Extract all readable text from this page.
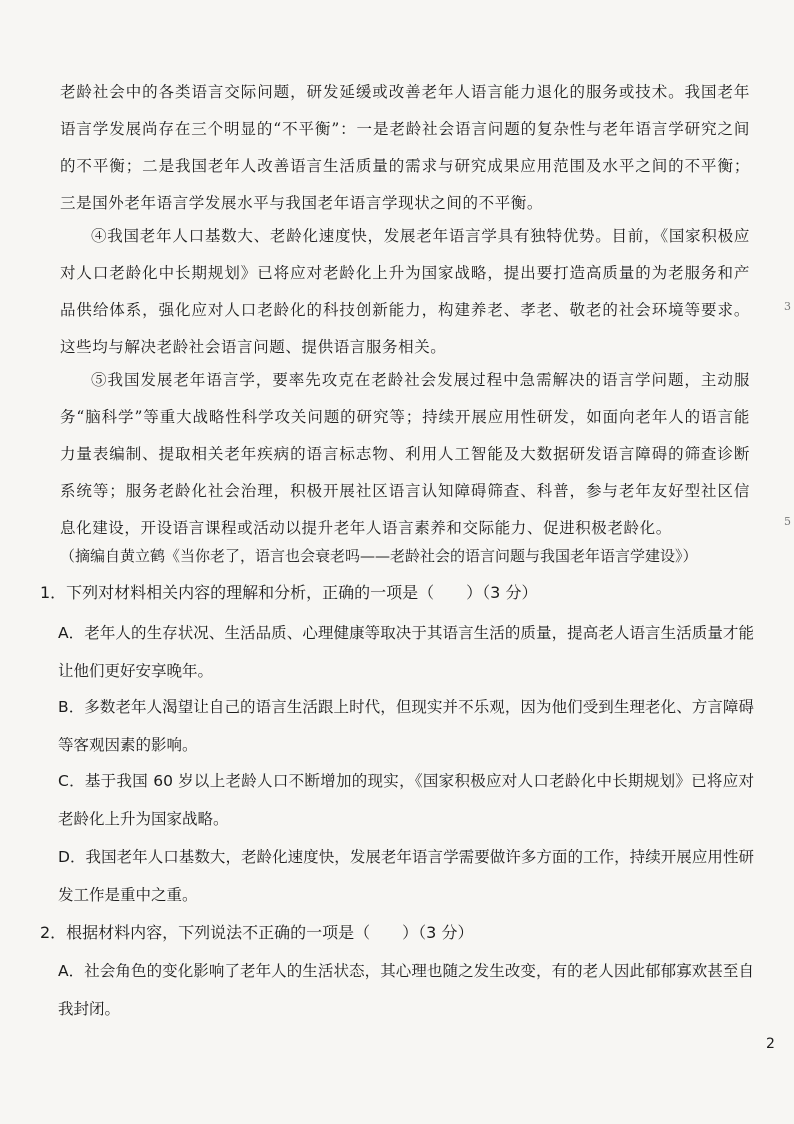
老龄社会中的各类语言交际问题，研发延缓或改善老年人语言能力退化的服务或技术。我国老年语言学发展尚存在三个明显的“不平衡”：一是老龄社会语言问题的复杂性与老年语言学研究之间的不平衡；二是我国老年人改善语言生活质量的需求与研究成果应用范围及水平之间的不平衡；三是国外老年语言学发展水平与我国老年语言学现状之间的不平衡。
④我国老年人口基数大、老龄化速度快，发展老年语言学具有独特优势。目前，《国家积极应对人口老龄化中长期规划》已将应对老龄化上升为国家战略，提出要打造高质量的为老服务和产品供给体系，强化应对人口老龄化的科技创新能力，构建养老、孝老、敬老的社会环境等要求。这些均与解决老龄社会语言问题、提供语言服务相关。
⑤我国发展老年语言学，要率先攻克在老龄社会发展过程中急需解决的语言学问题，主动服务“脑科学”等重大战略性科学攻关问题的研究等；持续开展应用性研发，如面向老年人的语言能力量表编制、提取相关老年疾病的语言标志物、利用人工智能及大数据研发语言障碍的筛查诊断系统等；服务老龄化社会治理，积极开展社区语言认知障碍筛查、科普，参与老年友好型社区信息化建设，开设语言课程或活动以提升老年人语言素养和交际能力、促进积极老龄化。
（摘编自黄立鹤《当你老了，语言也会衰老吗——老龄社会的语言问题与我国老年语言学建设》）
1．下列对材料相关内容的理解和分析，正确的一项是（　　）（3 分）
A．老年人的生存状况、生活品质、心理健康等取决于其语言生活的质量，提高老人语言生活质量才能让他们更好安享晚年。
B．多数老年人渴望让自己的语言生活跟上时代，但现实并不乐观，因为他们受到生理老化、方言障碍等客观因素的影响。
C．基于我国 60 岁以上老龄人口不断增加的现实，《国家积极应对人口老龄化中长期规划》已将应对老龄化上升为国家战略。
D．我国老年人口基数大，老龄化速度快，发展老年语言学需要做许多方面的工作，持续开展应用性研发工作是重中之重。
2．根据材料内容，下列说法不正确的一项是（　　）（3 分）
A．社会角色的变化影响了老年人的生活状态，其心理也随之发生改变，有的老人因此郁郁寡欢甚至自我封闭。
3
5
2
